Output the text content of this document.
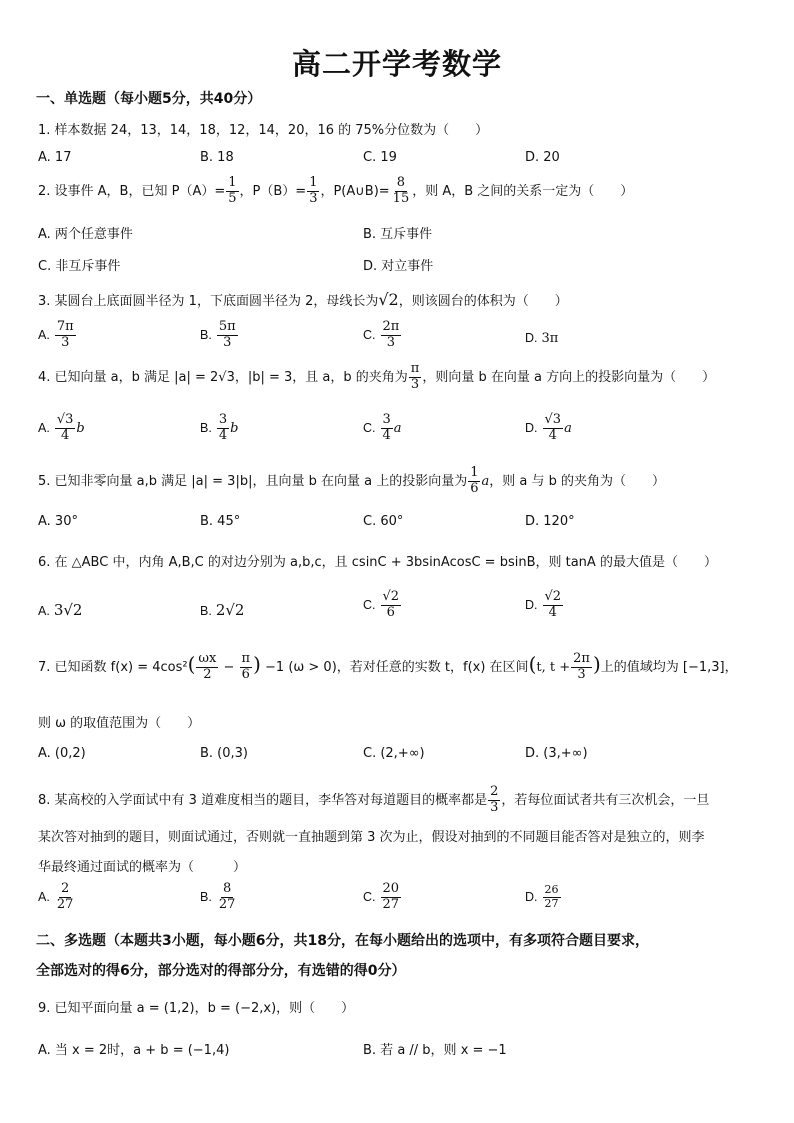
高二开学考数学
一、单选题（每小题5分，共40分）
1. 样本数据 24，13，14，18，12，14，20，16 的 75%分位数为（　　）
A. 17	B. 18	C. 19	D. 20
2. 设事件 A，B，已知 $P(A)= \frac{1}{5}$ ，$P(B)= \frac{1}{3}$ ，P(A∪B)= $\frac{8}{15}$ ，则 A，B 之间的关系一定为（　　）
A. 两个任意事件	B. 互斥事件
C. 非互斥事件	D. 对立事件
3. 某圆台上底面圆半径为 1，下底面圆半径为 2，母线长为√2，则该圆台的体积为（　　）
A. $\frac{7\pi}{3}$	B. $\frac{5\pi}{3}$	C. $\frac{2\pi}{3}$	D. 3π
4. 已知向量 a，b 满足 |a| = 2√3，|b| = 3，且 a，b 的夹角为 $\frac{\pi}{3}$ ，则向量 b 在向量 a 方向上的投影向量为（　　）
A. $\frac{√3}{4}$ b	B. $\frac{3}{4}$ b	C. $\frac{3}{4}$ a	D. $\frac{√3}{4}$ a
5. 已知非零向量 a,b 满足 |a| = 3|b|，且向量 b 在向量 a 上的投影向量为 $\frac{1}{6}$ a，则 a 与 b 的夹角为（　　）
A. 30°	B. 45°	C. 60°	D. 120°
6. 在 △ABC 中，内角 A,B,C 的对边分别为 a,b,c，且 csinC + 3bsinAcosC = bsinB，则 tanA 的最大值是（　　）
A. 3√2	B. 2√2	C. $\frac{√2}{6}$	D. $\frac{√2}{4}$
7. 已知函数 $f(x) = 4\cos^2( \frac{\omega x}{2} - \frac{\pi}{6}$ ) −1 (ω > 0)，若对任意的实数 t，f(x) 在区间(t, $t + \frac{2\pi}{3}$ )上的值域均为 [−1,3]，
则 ω 的取值范围为（　　）
A. (0,2)	B. (0,3)	C. (2,+∞)	D. (3,+∞)
8. 某高校的入学面试中有 3 道难度相当的题目，李华答对每道题目的概率都是 $\frac{2}{3}$ ，若每位面试者共有三次机会，一旦
某次答对抽到的题目，则面试通过，否则就一直抽题到第 3 次为止，假设对抽到的不同题目能否答对是独立的，则李
华最终通过面试的概率为（　　　）
A. $\frac{2}{27}$	B. $\frac{8}{27}$	C. $\frac{20}{27}$	D. $\frac{26}{27}$
二、多选题（本题共3小题，每小题6分，共18分，在每小题给出的选项中，有多项符合题目要求，
全部选对的得6分，部分选对的得部分分，有选错的得0分）
9. 已知平面向量 a = (1,2)，b = (−2,x)，则（　　）
A. 当 x = 2时，a + b = (−1,4)	B. 若 a // b，则 x = −1
